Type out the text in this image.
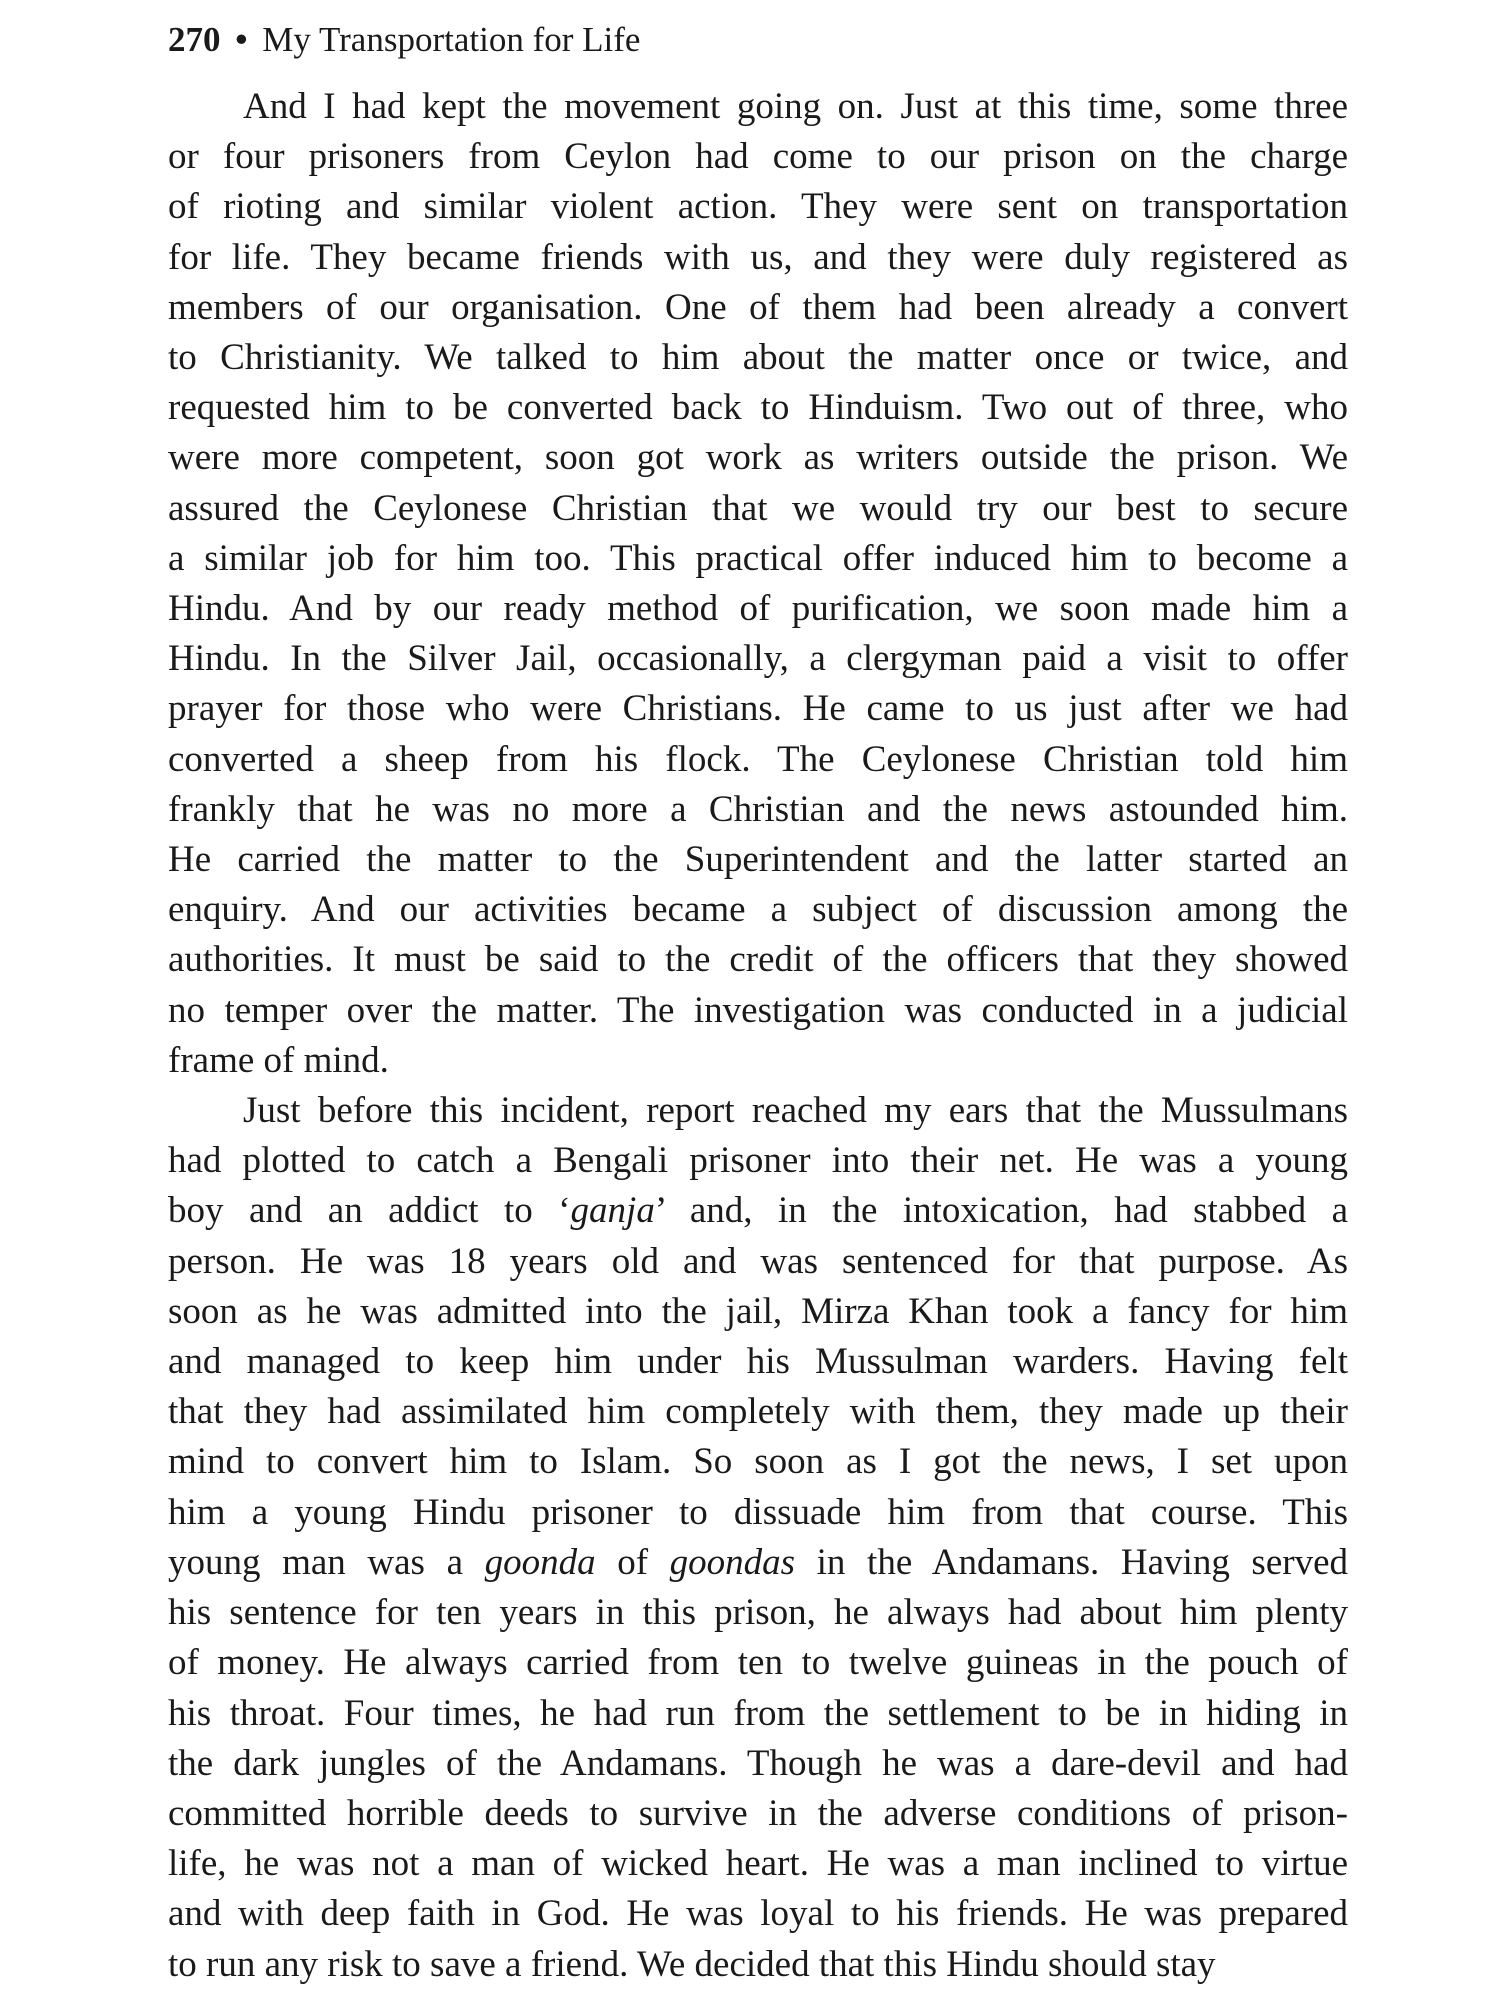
270 • My Transportation for Life
And I had kept the movement going on. Just at this time, some three
or four prisoners from Ceylon had come to our prison on the charge
of rioting and similar violent action. They were sent on transportation
for life. They became friends with us, and they were duly registered as
members of our organisation. One of them had been already a convert
to Christianity. We talked to him about the matter once or twice, and
requested him to be converted back to Hinduism. Two out of three, who
were more competent, soon got work as writers outside the prison. We
assured the Ceylonese Christian that we would try our best to secure
a similar job for him too. This practical offer induced him to become a
Hindu. And by our ready method of purification, we soon made him a
Hindu. In the Silver Jail, occasionally, a clergyman paid a visit to offer
prayer for those who were Christians. He came to us just after we had
converted a sheep from his flock. The Ceylonese Christian told him
frankly that he was no more a Christian and the news astounded him.
He carried the matter to the Superintendent and the latter started an
enquiry. And our activities became a subject of discussion among the
authorities. It must be said to the credit of the officers that they showed
no temper over the matter. The investigation was conducted in a judicial
frame of mind.
Just before this incident, report reached my ears that the Mussulmans
had plotted to catch a Bengali prisoner into their net. He was a young
boy and an addict to ‘ganja’ and, in the intoxication, had stabbed a
person. He was 18 years old and was sentenced for that purpose. As
soon as he was admitted into the jail, Mirza Khan took a fancy for him
and managed to keep him under his Mussulman warders. Having felt
that they had assimilated him completely with them, they made up their
mind to convert him to Islam. So soon as I got the news, I set upon
him a young Hindu prisoner to dissuade him from that course. This
young man was a goonda of goondas in the Andamans. Having served
his sentence for ten years in this prison, he always had about him plenty
of money. He always carried from ten to twelve guineas in the pouch of
his throat. Four times, he had run from the settlement to be in hiding in
the dark jungles of the Andamans. Though he was a dare-devil and had
committed horrible deeds to survive in the adverse conditions of prison-
life, he was not a man of wicked heart. He was a man inclined to virtue
and with deep faith in God. He was loyal to his friends. He was prepared
to run any risk to save a friend. We decided that this Hindu should stay
